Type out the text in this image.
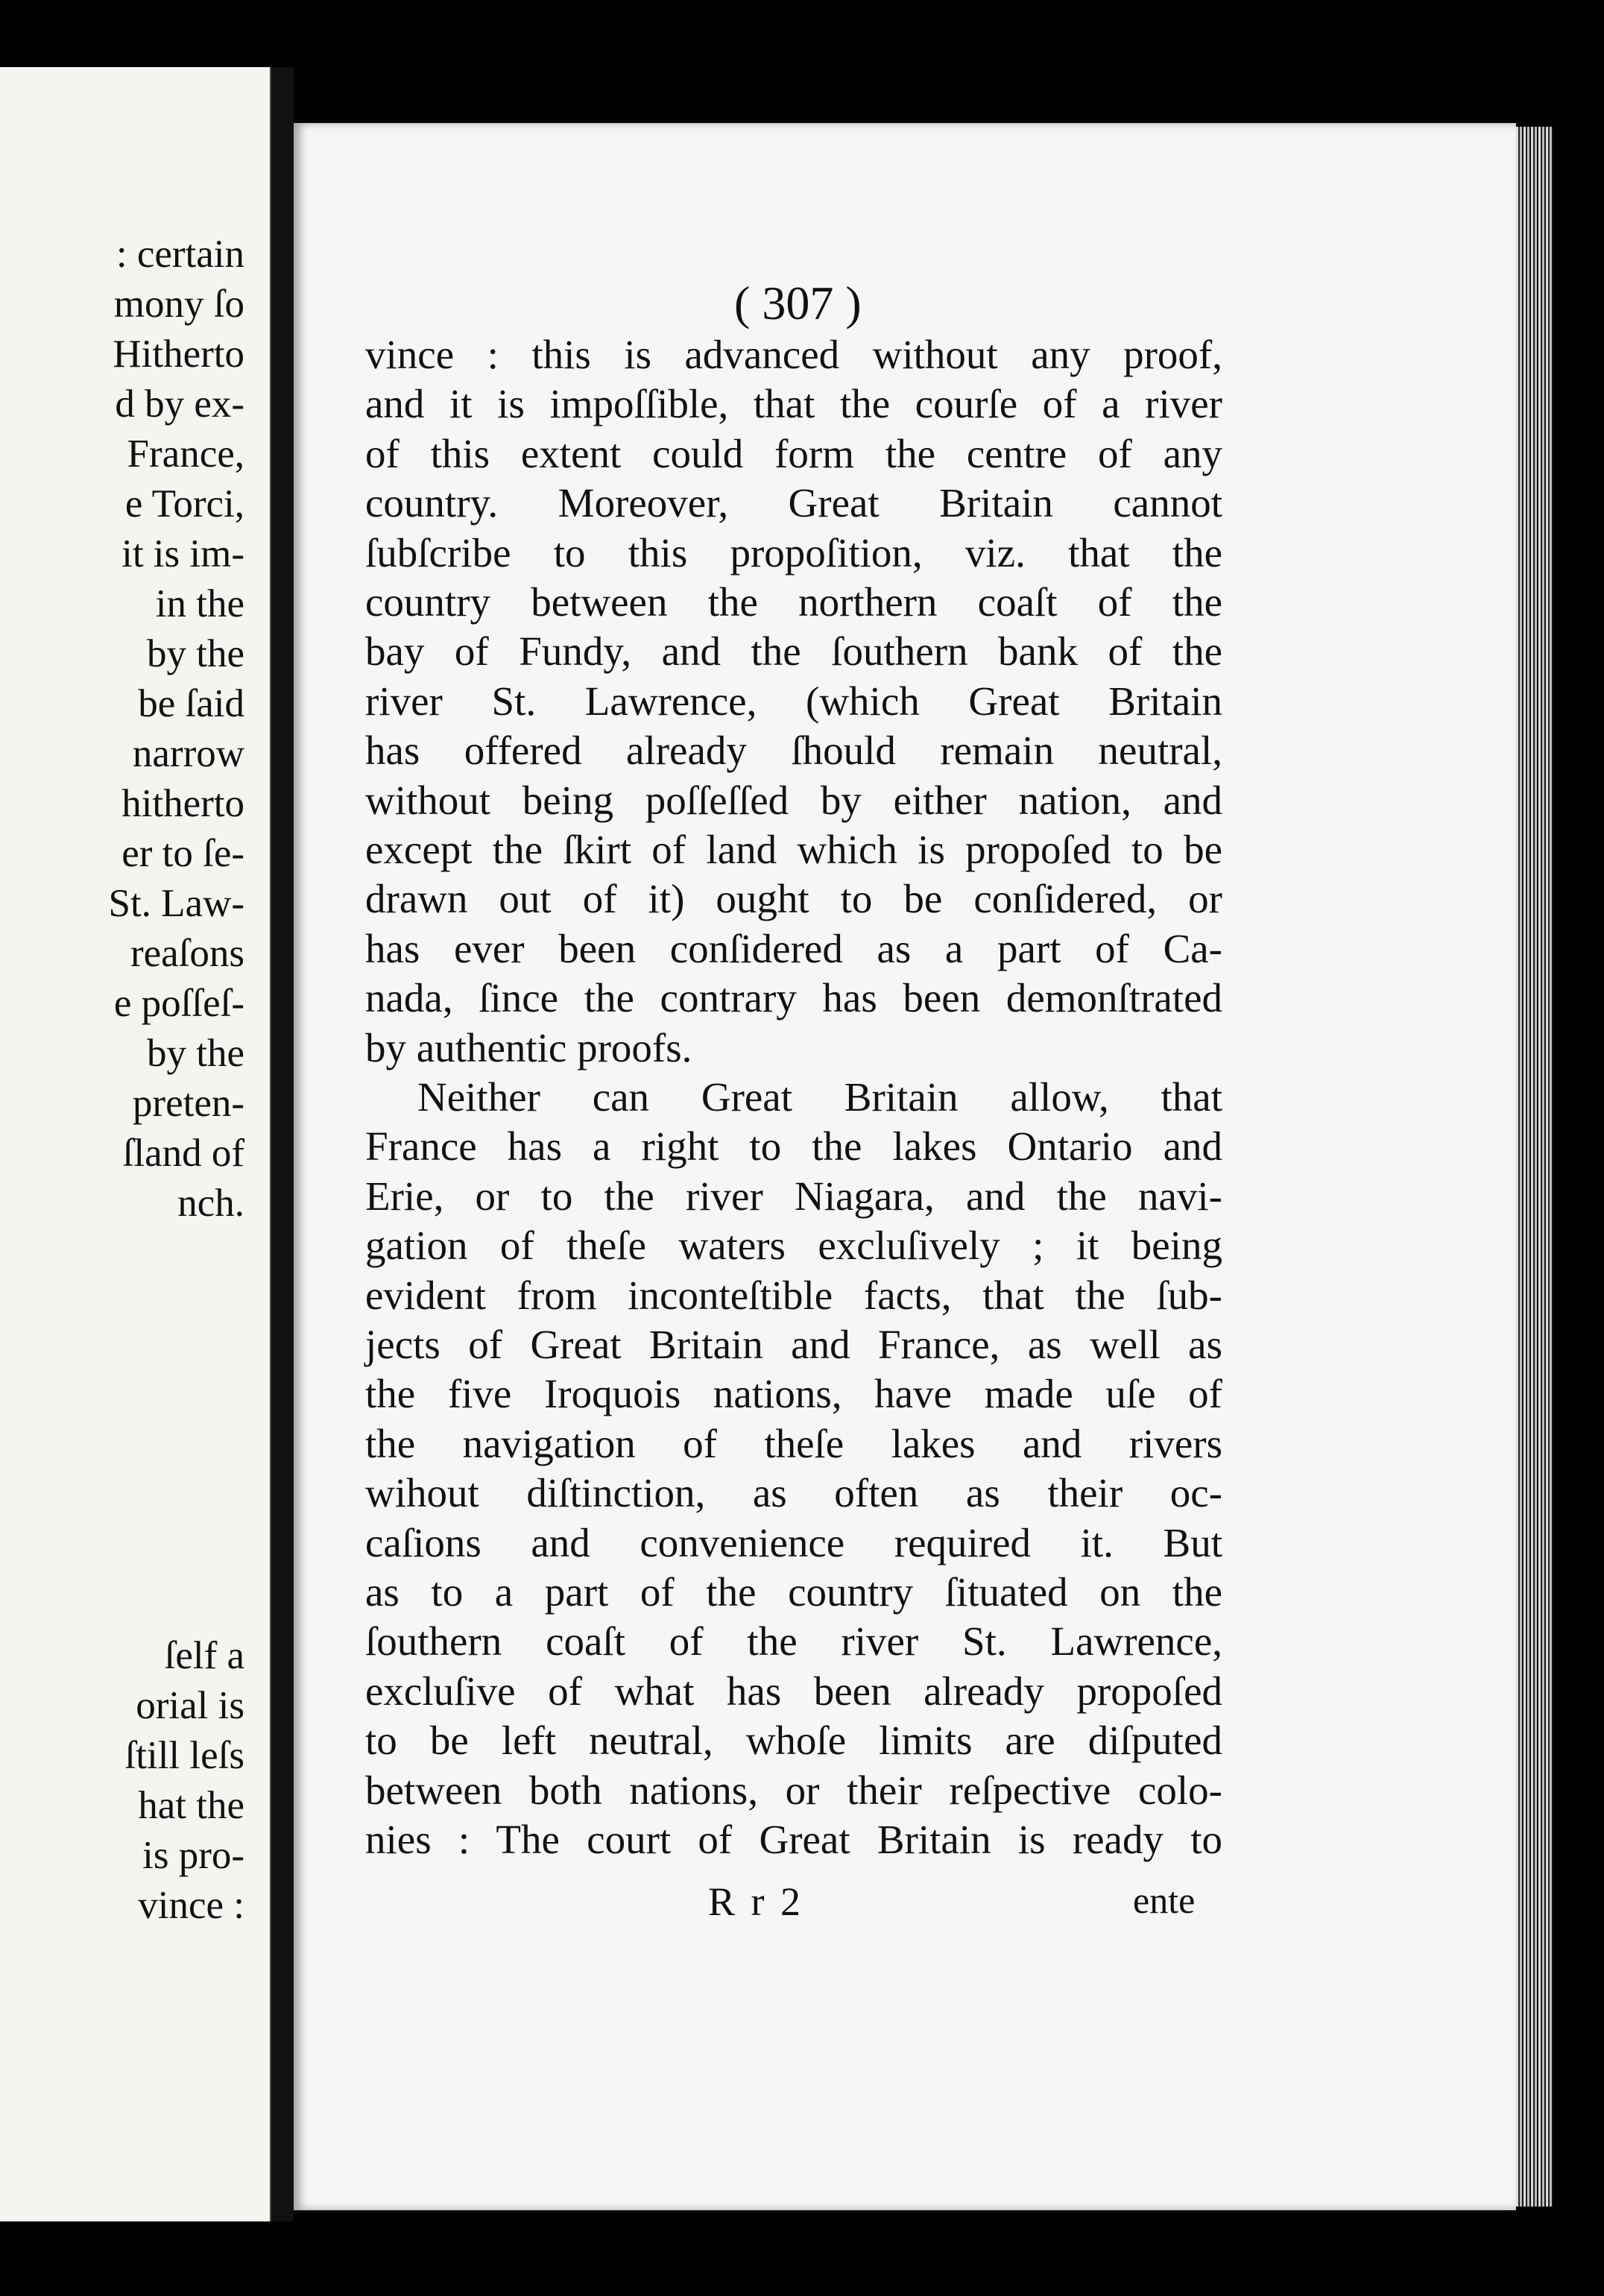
: certain
mony ſo
Hitherto
d by ex-
France,
e Torci,
it is im-
in the
by the
be ſaid
narrow
hitherto
er to ſe-
St. Law-
reaſons
e poſſeſ-
by the
preten-
ſland of
nch.
ſelf a
orial is
ſtill leſs
hat the
is pro-
vince :
( 307 )
vince : this is advanced without any proof,
and it is impoſſible, that the courſe of a river
of this extent could form the centre of any
country. Moreover, Great Britain cannot
ſubſcribe to this propoſition, viz. that the
country between the northern coaſt of the
bay of Fundy, and the ſouthern bank of the
river St. Lawrence, (which Great Britain
has offered already ſhould remain neutral,
without being poſſeſſed by either nation, and
except the ſkirt of land which is propoſed to be
drawn out of it) ought to be conſidered, or
has ever been conſidered as a part of Ca-
nada, ſince the contrary has been demonſtrated
by authentic proofs.
Neither can Great Britain allow, that
France has a right to the lakes Ontario and
Erie, or to the river Niagara, and the navi-
gation of theſe waters excluſively ; it being
evident from inconteſtible facts, that the ſub-
jects of Great Britain and France, as well as
the five Iroquois nations, have made uſe of
the navigation of theſe lakes and rivers
wihout diſtinction, as often as their oc-
caſions and convenience required it. But
as to a part of the country ſituated on the
ſouthern coaſt of the river St. Lawrence,
excluſive of what has been already propoſed
to be left neutral, whoſe limits are diſputed
between both nations, or their reſpective colo-
nies : The court of Great Britain is ready to
R r 2	ente
